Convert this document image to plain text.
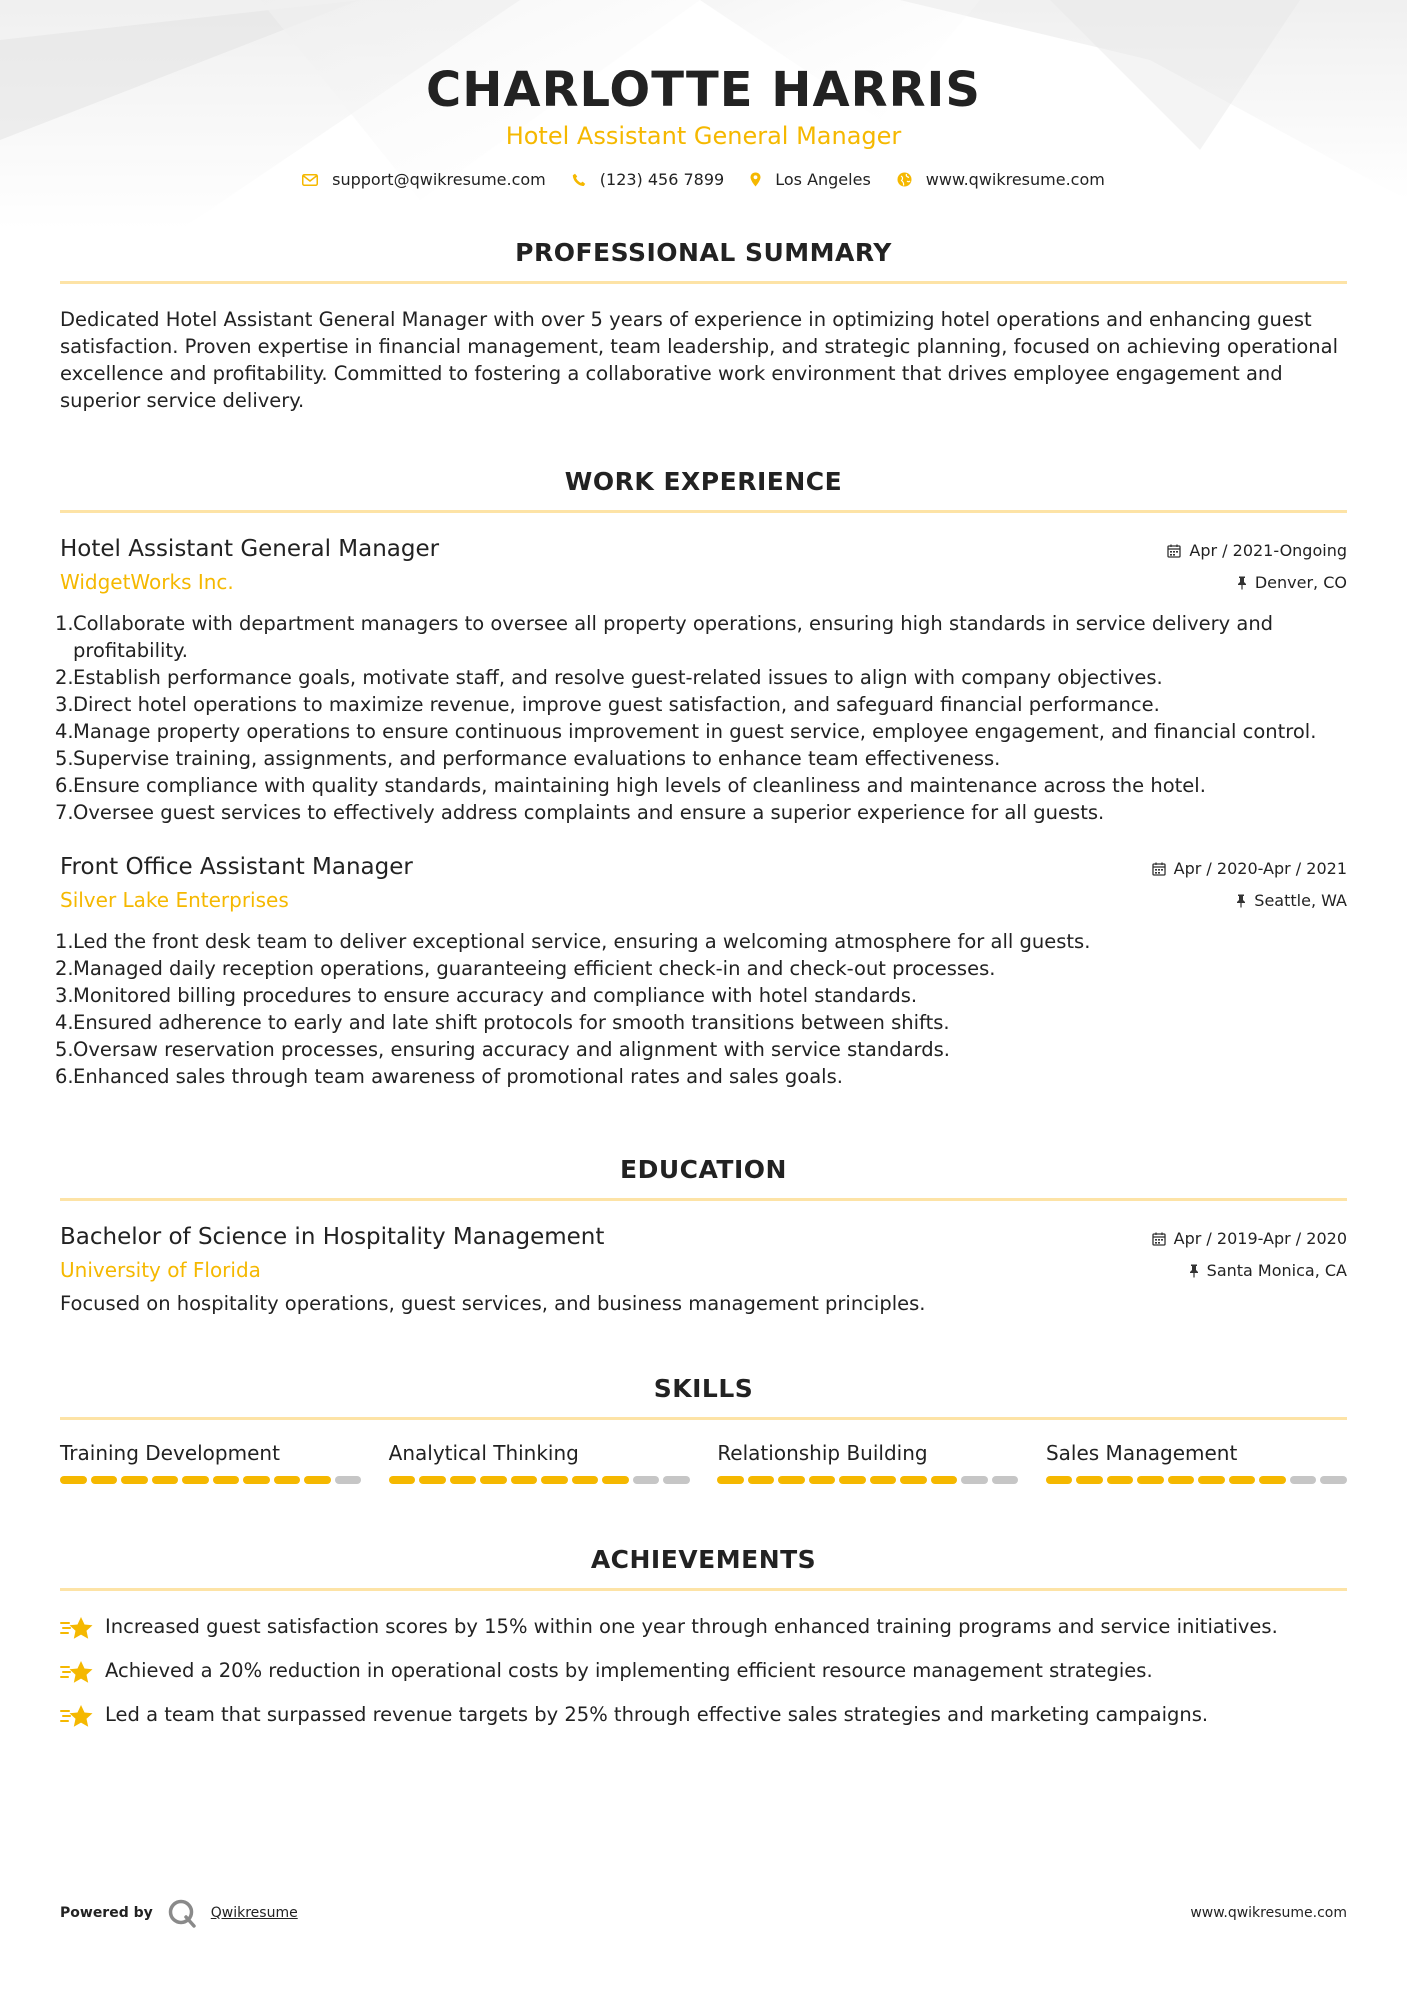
CHARLOTTE HARRIS
Hotel Assistant General Manager
support@qwikresume.com	(123) 456 7899	Los Angeles	www.qwikresume.com
PROFESSIONAL SUMMARY

Dedicated Hotel Assistant General Manager with over 5 years of experience in optimizing hotel operations and enhancing guest satisfaction. Proven expertise in financial management, team leadership, and strategic planning, focused on achieving operational excellence and profitability. Committed to fostering a collaborative work environment that drives employee engagement and superior service delivery.

WORK EXPERIENCE
Hotel Assistant General Manager
WidgetWorks Inc.
Apr / 2021-Ongoing
Denver, CO
1. Collaborate with department managers to oversee all property operations, ensuring high standards in service delivery and profitability.
2. Establish performance goals, motivate staff, and resolve guest-related issues to align with company objectives.
3. Direct hotel operations to maximize revenue, improve guest satisfaction, and safeguard financial performance.
4. Manage property operations to ensure continuous improvement in guest service, employee engagement, and financial control.
5. Supervise training, assignments, and performance evaluations to enhance team effectiveness.
6. Ensure compliance with quality standards, maintaining high levels of cleanliness and maintenance across the hotel.
7. Oversee guest services to effectively address complaints and ensure a superior experience for all guests.
Front Office Assistant Manager
Silver Lake Enterprises
Apr / 2020-Apr / 2021
Seattle, WA
1. Led the front desk team to deliver exceptional service, ensuring a welcoming atmosphere for all guests.
2. Managed daily reception operations, guaranteeing efficient check-in and check-out processes.
3. Monitored billing procedures to ensure accuracy and compliance with hotel standards.
4. Ensured adherence to early and late shift protocols for smooth transitions between shifts.
5. Oversaw reservation processes, ensuring accuracy and alignment with service standards.
6. Enhanced sales through team awareness of promotional rates and sales goals.
EDUCATION
Bachelor of Science in Hospitality Management
University of Florida
Apr / 2019-Apr / 2020
Santa Monica, CA

Focused on hospitality operations, guest services, and business management principles.

SKILLS
Training Development	Analytical Thinking	Relationship Building	Sales Management
ACHIEVEMENTS
Increased guest satisfaction scores by 15% within one year through enhanced training programs and service initiatives.
Achieved a 20% reduction in operational costs by implementing efficient resource management strategies.
Led a team that surpassed revenue targets by 25% through effective sales strategies and marketing campaigns.
Powered by	Qwikresume	www.qwikresume.com
